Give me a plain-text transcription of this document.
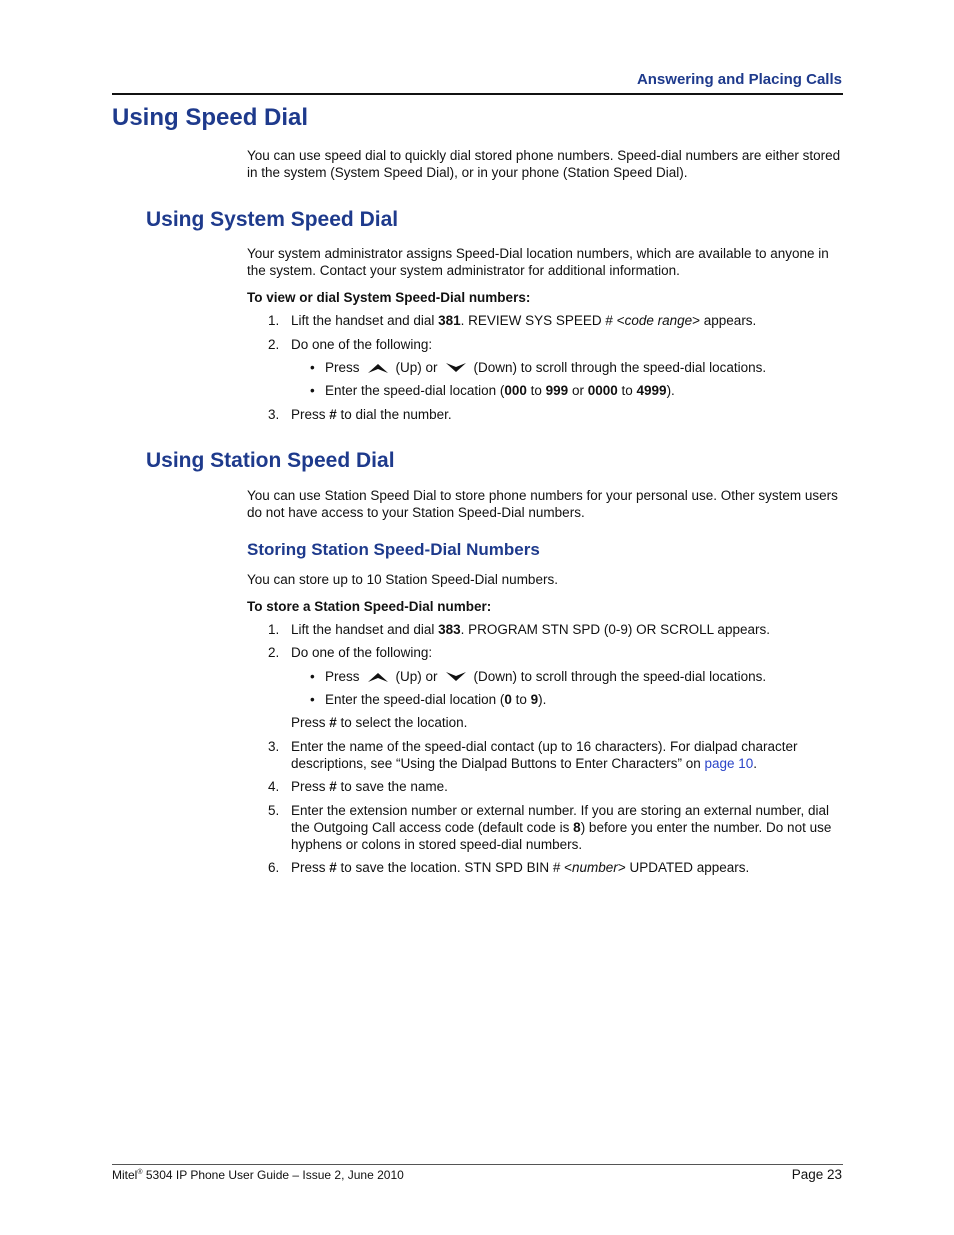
Answering and Placing Calls
Using Speed Dial
You can use speed dial to quickly dial stored phone numbers. Speed-dial numbers are either stored in the system (System Speed Dial), or in your phone (Station Speed Dial).
Using System Speed Dial
Your system administrator assigns Speed-Dial location numbers, which are available to anyone in the system. Contact your system administrator for additional information.
To view or dial System Speed-Dial numbers:
1. Lift the handset and dial 381. REVIEW SYS SPEED # <code range> appears.
2. Do one of the following:
• Press	(Up) or	(Down) to scroll through the speed-dial locations.
• Enter the speed-dial location (000 to 999 or 0000 to 4999).
3. Press # to dial the number.
Using Station Speed Dial
You can use Station Speed Dial to store phone numbers for your personal use. Other system users do not have access to your Station Speed-Dial numbers.
Storing Station Speed-Dial Numbers
You can store up to 10 Station Speed-Dial numbers.
To store a Station Speed-Dial number:
1. Lift the handset and dial 383. PROGRAM STN SPD (0-9) OR SCROLL appears.
2. Do one of the following:
• Press	(Up) or	(Down) to scroll through the speed-dial locations.
• Enter the speed-dial location (0 to 9).
Press # to select the location.
3. Enter the name of the speed-dial contact (up to 16 characters). For dialpad character descriptions, see “Using the Dialpad Buttons to Enter Characters” on page 10.
4. Press # to save the name.
5. Enter the extension number or external number. If you are storing an external number, dial the Outgoing Call access code (default code is 8) before you enter the number. Do not use hyphens or colons in stored speed-dial numbers.
6. Press # to save the location. STN SPD BIN # <number> UPDATED appears.
Mitel® 5304 IP Phone User Guide – Issue 2, June 2010	Page 23
